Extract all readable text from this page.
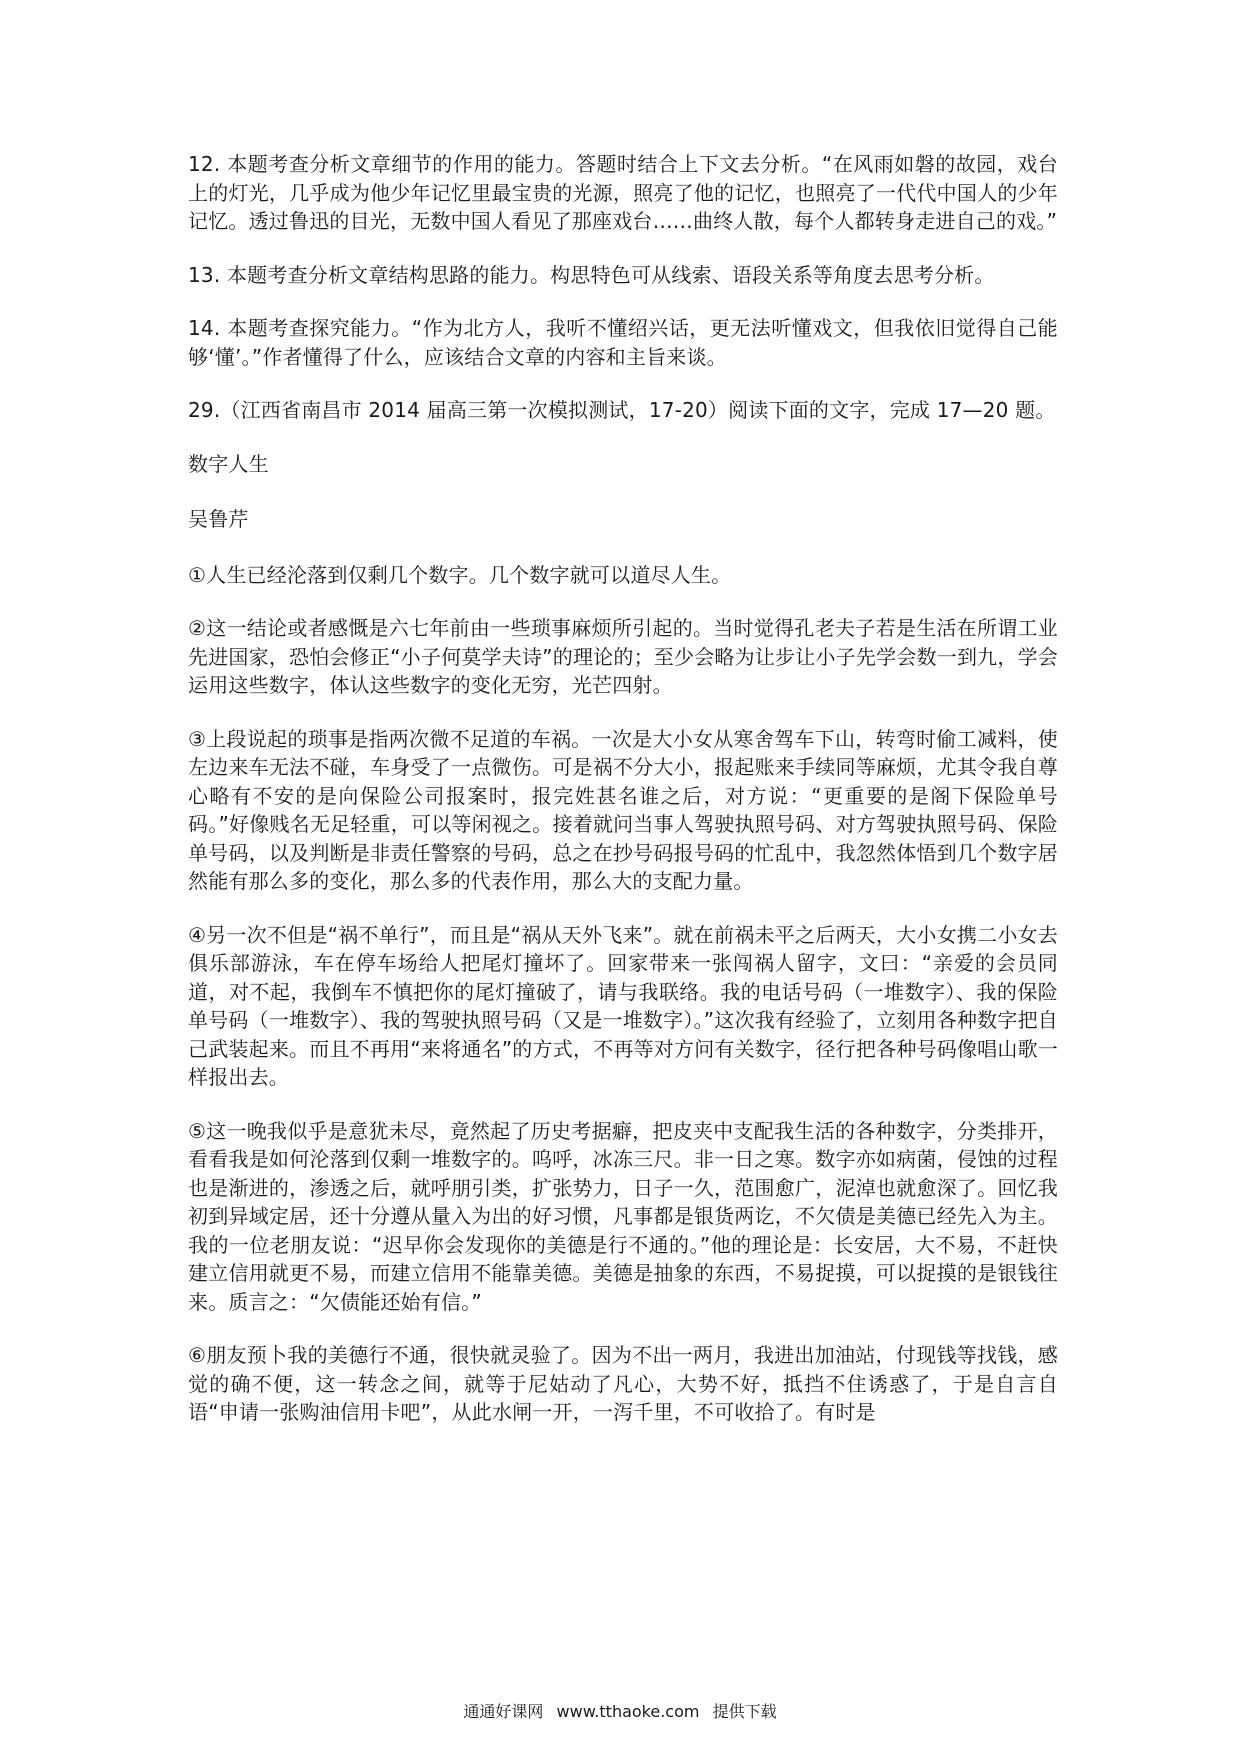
12. 本题考查分析文章细节的作用的能力。答题时结合上下文去分析。“在风雨如磐的故园，戏台上的灯光，几乎成为他少年记忆里最宝贵的光源，照亮了他的记忆，也照亮了一代代中国人的少年记忆。透过鲁迅的目光，无数中国人看见了那座戏台……曲终人散，每个人都转身走进自己的戏。”

13. 本题考查分析文章结构思路的能力。构思特色可从线索、语段关系等角度去思考分析。

14. 本题考查探究能力。“作为北方人，我听不懂绍兴话，更无法听懂戏文，但我依旧觉得自己能够‘懂’。”作者懂得了什么，应该结合文章的内容和主旨来谈。

29.（江西省南昌市 2014 届高三第一次模拟测试，17-20）阅读下面的文字，完成 17—20 题。

数字人生

吴鲁芹

①人生已经沦落到仅剩几个数字。几个数字就可以道尽人生。

②这一结论或者感慨是六七年前由一些琐事麻烦所引起的。当时觉得孔老夫子若是生活在所谓工业先进国家，恐怕会修正“小子何莫学夫诗”的理论的；至少会略为让步让小子先学会数一到九，学会运用这些数字，体认这些数字的变化无穷，光芒四射。

③上段说起的琐事是指两次微不足道的车祸。一次是大小女从寒舍驾车下山，转弯时偷工减料，使左边来车无法不碰，车身受了一点微伤。可是祸不分大小，报起账来手续同等麻烦，尤其令我自尊心略有不安的是向保险公司报案时，报完姓甚名谁之后，对方说：“更重要的是阁下保险单号码。”好像贱名无足轻重，可以等闲视之。接着就问当事人驾驶执照号码、对方驾驶执照号码、保险单号码，以及判断是非责任警察的号码，总之在抄号码报号码的忙乱中，我忽然体悟到几个数字居然能有那么多的变化，那么多的代表作用，那么大的支配力量。

④另一次不但是“祸不单行”，而且是“祸从天外飞来”。就在前祸未平之后两天，大小女携二小女去俱乐部游泳，车在停车场给人把尾灯撞坏了。回家带来一张闯祸人留字，文曰：“亲爱的会员同道，对不起，我倒车不慎把你的尾灯撞破了，请与我联络。我的电话号码（一堆数字）、我的保险单号码（一堆数字）、我的驾驶执照号码（又是一堆数字）。”这次我有经验了，立刻用各种数字把自己武装起来。而且不再用“来将通名”的方式，不再等对方问有关数字，径行把各种号码像唱山歌一样报出去。

⑤这一晚我似乎是意犹未尽，竟然起了历史考据癖，把皮夹中支配我生活的各种数字，分类排开，看看我是如何沦落到仅剩一堆数字的。呜呼，冰冻三尺。非一日之寒。数字亦如病菌，侵蚀的过程也是渐进的，渗透之后，就呼朋引类，扩张势力，日子一久，范围愈广，泥淖也就愈深了。回忆我初到异域定居，还十分遵从量入为出的好习惯，凡事都是银货两讫，不欠债是美德已经先入为主。我的一位老朋友说：“迟早你会发现你的美德是行不通的。”他的理论是：长安居，大不易，不赶快建立信用就更不易，而建立信用不能靠美德。美德是抽象的东西，不易捉摸，可以捉摸的是银钱往来。质言之：“欠债能还始有信。”

⑥朋友预卜我的美德行不通，很快就灵验了。因为不出一两月，我进出加油站，付现钱等找钱，感觉的确不便，这一转念之间，就等于尼姑动了凡心，大势不好，抵挡不住诱惑了，于是自言自语“申请一张购油信用卡吧”，从此水闸一开，一泻千里，不可收拾了。有时是

通通好课网 www.tthaoke.com 提供下载
